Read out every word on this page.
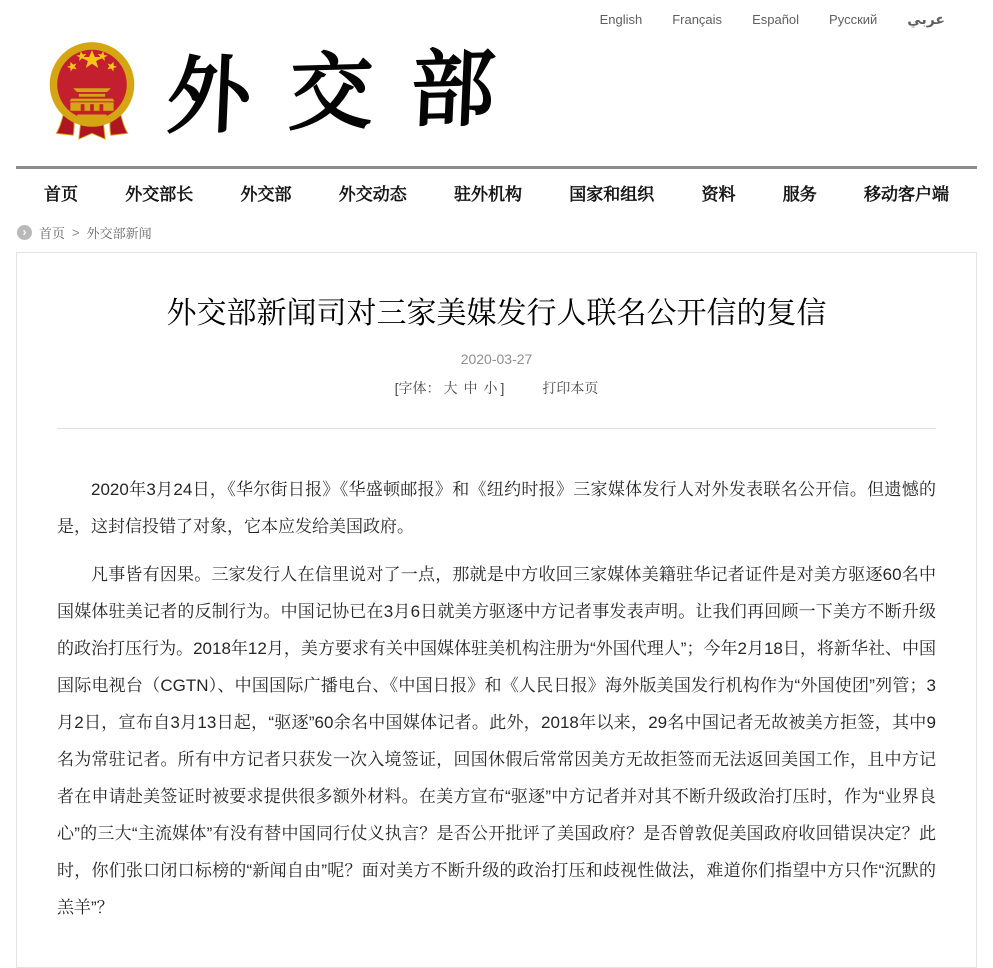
English Français Español Русский عربي
外交部
首页	外交部长	外交部	外交动态	驻外机构	国家和组织	资料	服务	移动客户端
› 首页 > 外交部新闻
外交部新闻司对三家美媒发行人联名公开信的复信
2020-03-27
[字体： 大 中 小 ]	打印本页

2020年3月24日，《华尔街日报》《华盛顿邮报》和《纽约时报》三家媒体发行人对外发表联名公开信。但遗憾的是，这封信投错了对象，它本应发给美国政府。

凡事皆有因果。三家发行人在信里说对了一点，那就是中方收回三家媒体美籍驻华记者证件是对美方驱逐60名中国媒体驻美记者的反制行为。中国记协已在3月6日就美方驱逐中方记者事发表声明。让我们再回顾一下美方不断升级的政治打压行为。2018年12月，美方要求有关中国媒体驻美机构注册为“外国代理人”；今年2月18日，将新华社、中国国际电视台（CGTN）、中国国际广播电台、《中国日报》和《人民日报》海外版美国发行机构作为“外国使团”列管；3月2日，宣布自3月13日起，“驱逐”60余名中国媒体记者。此外，2018年以来，29名中国记者无故被美方拒签，其中9名为常驻记者。所有中方记者只获发一次入境签证，回国休假后常常因美方无故拒签而无法返回美国工作，且中方记者在申请赴美签证时被要求提供很多额外材料。在美方宣布“驱逐”中方记者并对其不断升级政治打压时，作为“业界良心”的三大“主流媒体”有没有替中国同行仗义执言？是否公开批评了美国政府？是否曾敦促美国政府收回错误决定？此时，你们张口闭口标榜的“新闻自由”呢？面对美方不断升级的政治打压和歧视性做法，难道你们指望中方只作“沉默的羔羊”？
